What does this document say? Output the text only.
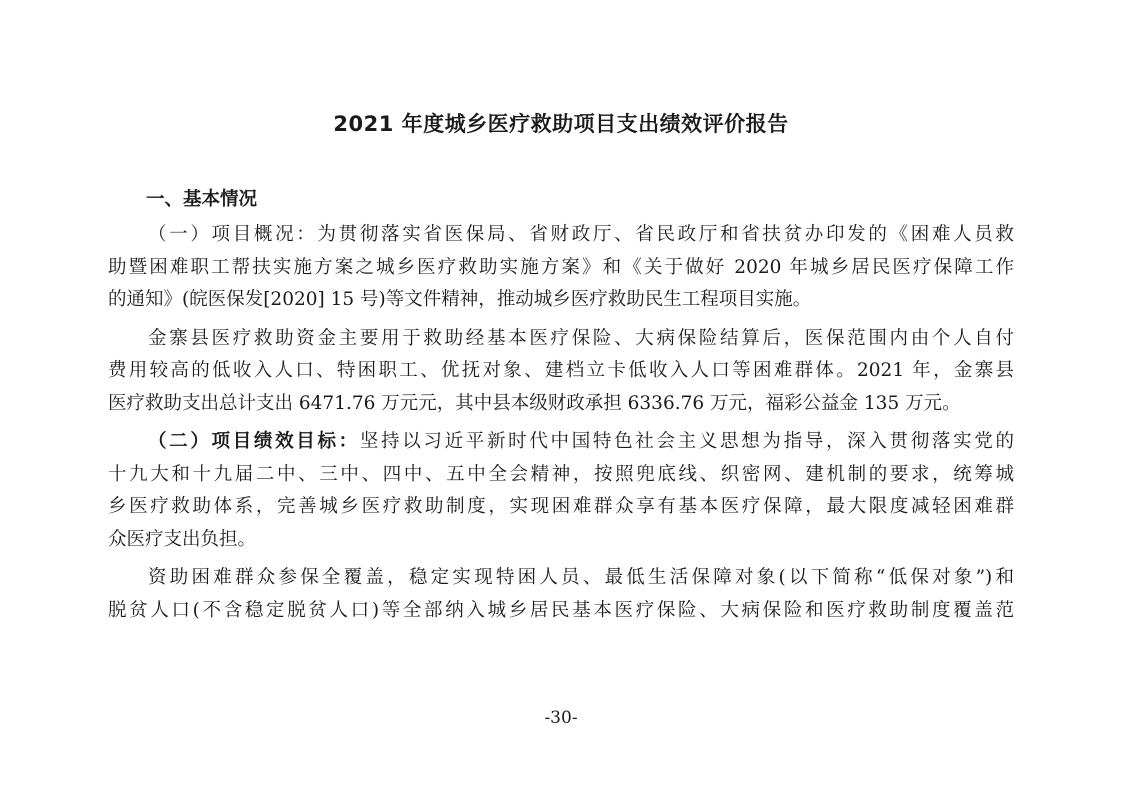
2021 年度城乡医疗救助项目支出绩效评价报告
一、基本情况
（一）项目概况：为贯彻落实省医保局、省财政厅、省民政厅和省扶贫办印发的《困难人员救
助暨困难职工帮扶实施方案之城乡医疗救助实施方案》和《关于做好 2020 年城乡居民医疗保障工作
的通知》(皖医保发[2020] 15 号)等文件精神，推动城乡医疗救助民生工程项目实施。
金寨县医疗救助资金主要用于救助经基本医疗保险、大病保险结算后，医保范围内由个人自付
费用较高的低收入人口、特困职工、优抚对象、建档立卡低收入人口等困难群体。2021 年，金寨县
医疗救助支出总计支出 6471.76 万元元，其中县本级财政承担 6336.76 万元，福彩公益金 135 万元。
（二）项目绩效目标：坚持以习近平新时代中国特色社会主义思想为指导，深入贯彻落实党的
十九大和十九届二中、三中、四中、五中全会精神，按照兜底线、织密网、建机制的要求，统筹城
乡医疗救助体系，完善城乡医疗救助制度，实现困难群众享有基本医疗保障，最大限度减轻困难群
众医疗支出负担。
资助困难群众参保全覆盖，稳定实现特困人员、最低生活保障对象(以下简称“低保对象”)和
脱贫人口(不含稳定脱贫人口)等全部纳入城乡居民基本医疗保险、大病保险和医疗救助制度覆盖范
-30-
